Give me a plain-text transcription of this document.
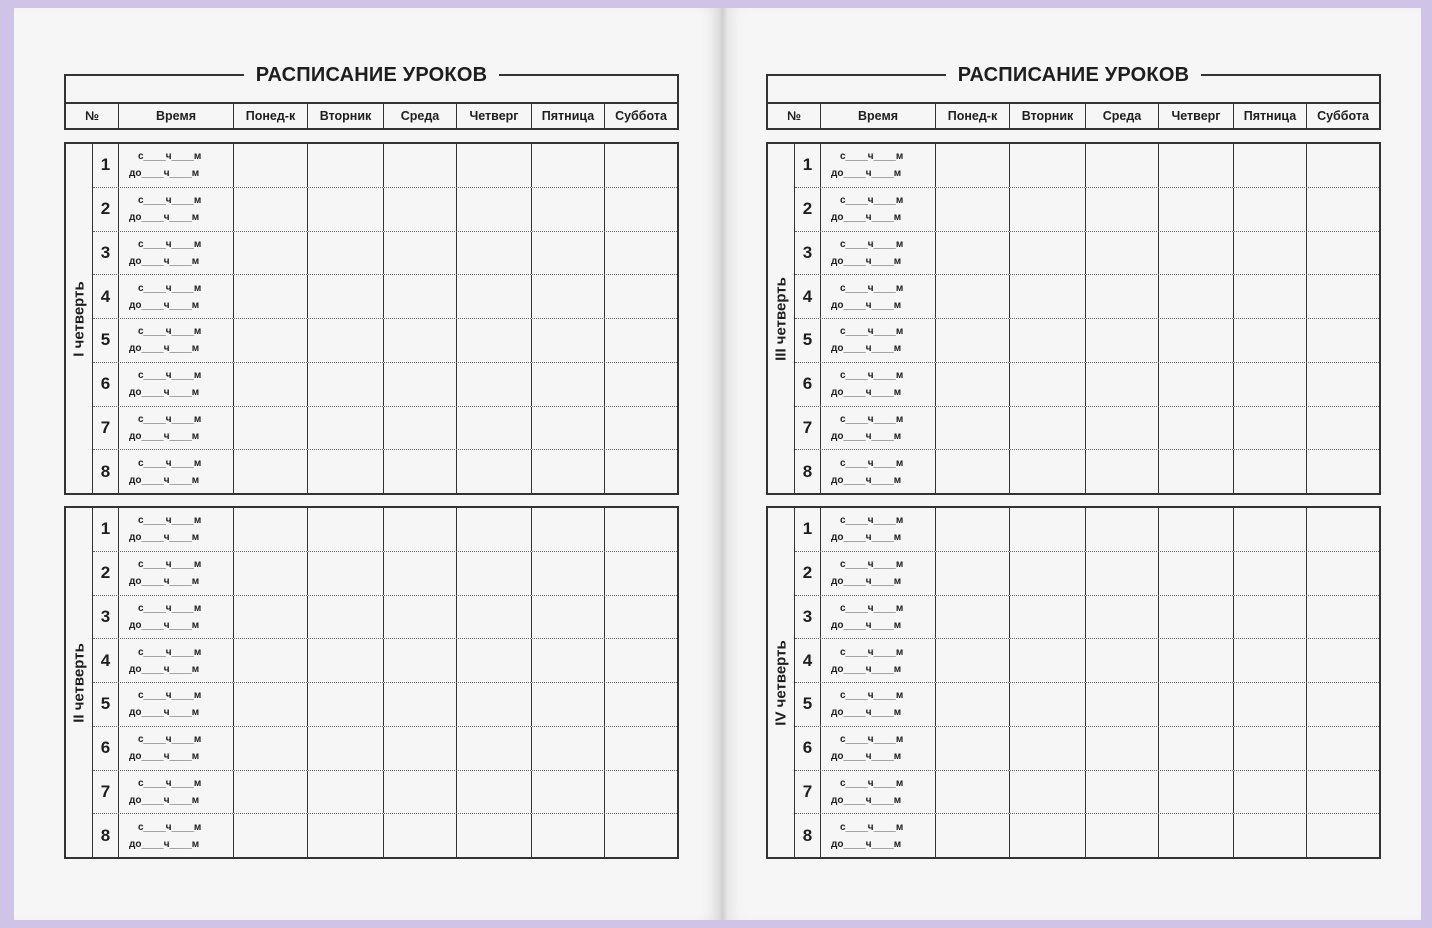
РАСПИСАНИЕ УРОКОВ
№	Время	Понед-к	Вторник	Среда	Четверг	Пятница	Суббота
РАСПИСАНИЕ УРОКОВ
№	Время	Понед-к	Вторник	Среда	Четверг	Пятница	Суббота
I четверть
1	с____ч____м
до____ч____м
2	с____ч____м
до____ч____м
3	с____ч____м
до____ч____м
4	с____ч____м
до____ч____м
5	с____ч____м
до____ч____м
6	с____ч____м
до____ч____м
7	с____ч____м
до____ч____м
8	с____ч____м
до____ч____м
II четверть
1	с____ч____м
до____ч____м
2	с____ч____м
до____ч____м
3	с____ч____м
до____ч____м
4	с____ч____м
до____ч____м
5	с____ч____м
до____ч____м
6	с____ч____м
до____ч____м
7	с____ч____м
до____ч____м
8	с____ч____м
до____ч____м
III четверть
1	с____ч____м
до____ч____м
2	с____ч____м
до____ч____м
3	с____ч____м
до____ч____м
4	с____ч____м
до____ч____м
5	с____ч____м
до____ч____м
6	с____ч____м
до____ч____м
7	с____ч____м
до____ч____м
8	с____ч____м
до____ч____м
IV четверть
1	с____ч____м
до____ч____м
2	с____ч____м
до____ч____м
3	с____ч____м
до____ч____м
4	с____ч____м
до____ч____м
5	с____ч____м
до____ч____м
6	с____ч____м
до____ч____м
7	с____ч____м
до____ч____м
8	с____ч____м
до____ч____м
